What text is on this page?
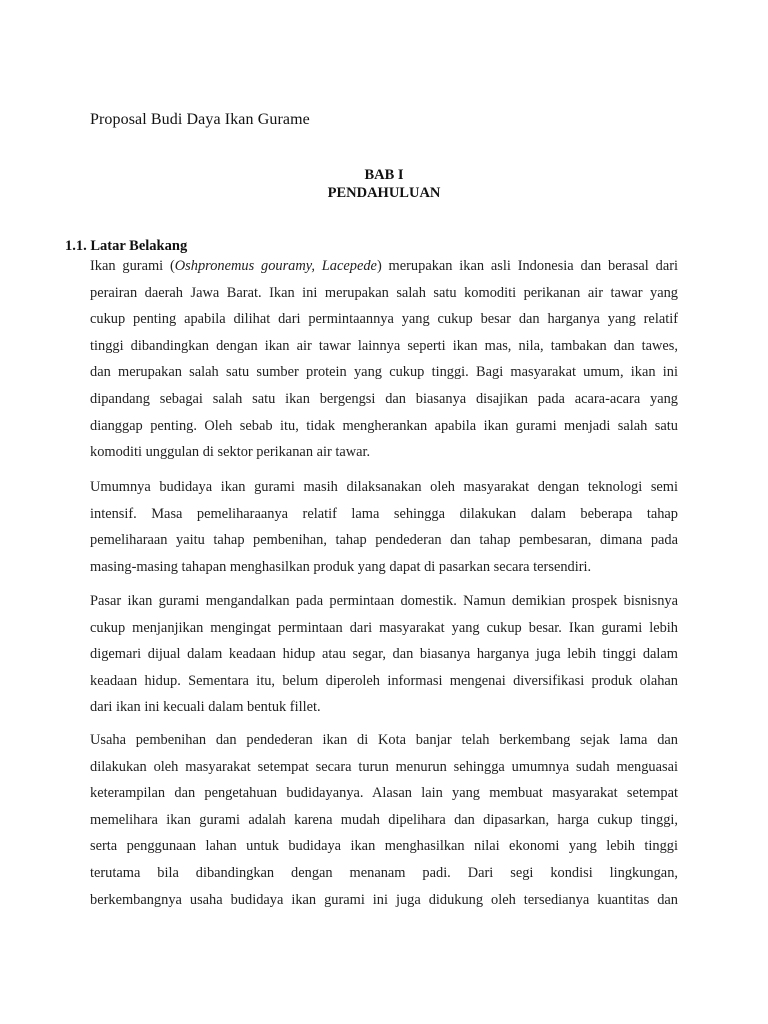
Proposal Budi Daya Ikan Gurame
BAB I
PENDAHULUAN
1.1. Latar Belakang

Ikan gurami (Oshpronemus gouramy, Lacepede) merupakan ikan asli Indonesia dan berasal dari
perairan daerah Jawa Barat. Ikan ini merupakan salah satu komoditi perikanan air tawar yang
cukup penting apabila dilihat dari permintaannya yang cukup besar dan harganya yang relatif
tinggi dibandingkan dengan ikan air tawar lainnya seperti ikan mas, nila, tambakan dan tawes,
dan merupakan salah satu sumber protein yang cukup tinggi. Bagi masyarakat umum, ikan ini
dipandang sebagai salah satu ikan bergengsi dan biasanya disajikan pada acara-acara yang
dianggap penting. Oleh sebab itu, tidak mengherankan apabila ikan gurami menjadi salah satu
komoditi unggulan di sektor perikanan air tawar.

Umumnya budidaya ikan gurami masih dilaksanakan oleh masyarakat dengan teknologi semi
intensif. Masa pemeliharaanya relatif lama sehingga dilakukan dalam beberapa tahap
pemeliharaan yaitu tahap pembenihan, tahap pendederan dan tahap pembesaran, dimana pada
masing-masing tahapan menghasilkan produk yang dapat di pasarkan secara tersendiri.

Pasar ikan gurami mengandalkan pada permintaan domestik. Namun demikian prospek bisnisnya
cukup menjanjikan mengingat permintaan dari masyarakat yang cukup besar. Ikan gurami lebih
digemari dijual dalam keadaan hidup atau segar, dan biasanya harganya juga lebih tinggi dalam
keadaan hidup. Sementara itu, belum diperoleh informasi mengenai diversifikasi produk olahan
dari ikan ini kecuali dalam bentuk fillet.

Usaha pembenihan dan pendederan ikan di Kota banjar telah berkembang sejak lama dan
dilakukan oleh masyarakat setempat secara turun menurun sehingga umumnya sudah menguasai
keterampilan dan pengetahuan budidayanya. Alasan lain yang membuat masyarakat setempat
memelihara ikan gurami adalah karena mudah dipelihara dan dipasarkan, harga cukup tinggi,
serta penggunaan lahan untuk budidaya ikan menghasilkan nilai ekonomi yang lebih tinggi
terutama bila dibandingkan dengan menanam padi. Dari segi kondisi lingkungan,
berkembangnya usaha budidaya ikan gurami ini juga didukung oleh tersedianya kuantitas dan
